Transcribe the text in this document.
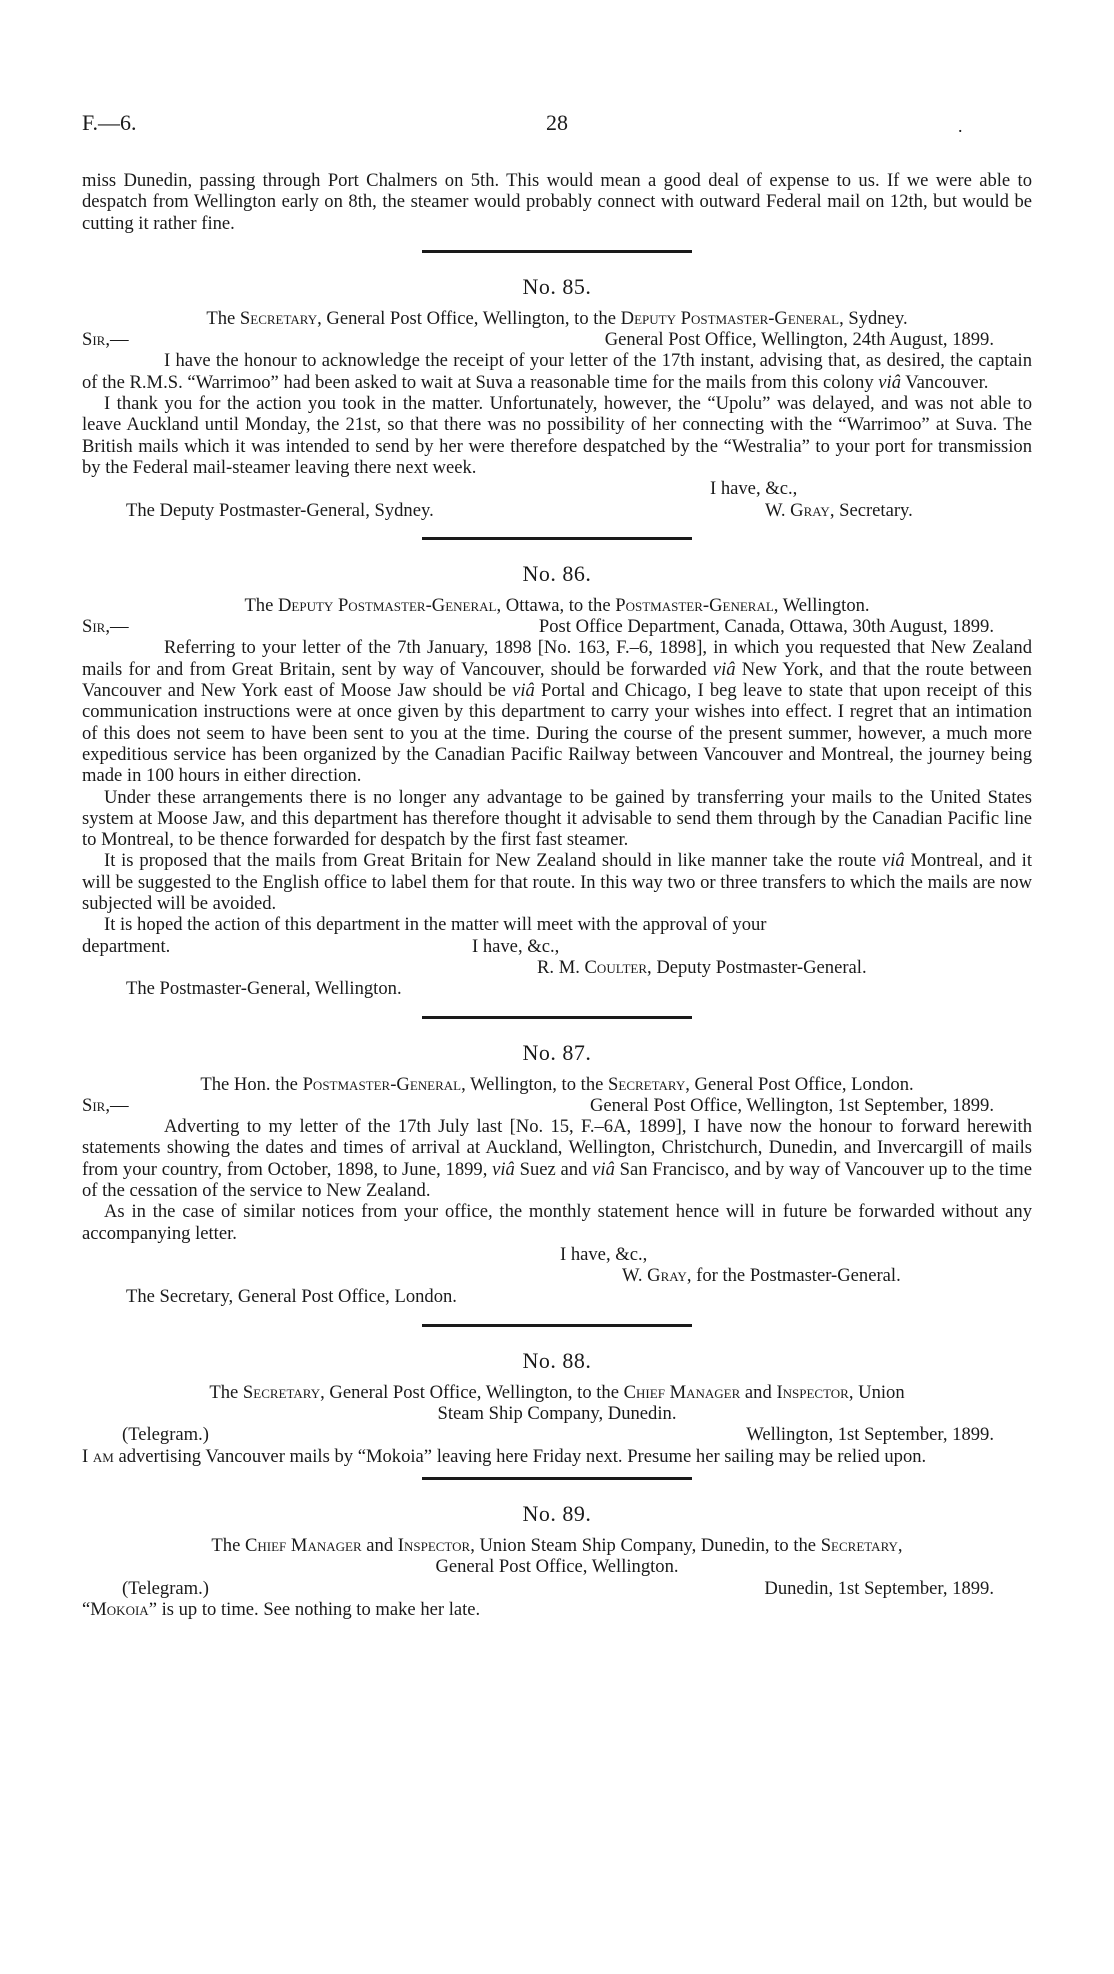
F.—6.	28	.

miss Dunedin, passing through Port Chalmers on 5th. This would mean a good deal of expense to us. If we were able to despatch from Wellington early on 8th, the steamer would probably connect with outward Federal mail on 12th, but would be cutting it rather fine.

No. 85.
The Secretary, General Post Office, Wellington, to the Deputy Postmaster-General, Sydney.
Sir,—	General Post Office, Wellington, 24th August, 1899.

I have the honour to acknowledge the receipt of your letter of the 17th instant, advising that, as desired, the captain of the R.M.S. “Warrimoo” had been asked to wait at Suva a reasonable time for the mails from this colony viâ Vancouver.

I thank you for the action you took in the matter. Unfortunately, however, the “Upolu” was delayed, and was not able to leave Auckland until Monday, the 21st, so that there was no possibility of her connecting with the “Warrimoo” at Suva. The British mails which it was intended to send by her were therefore despatched by the “Westralia” to your port for transmission by the Federal mail-steamer leaving there next week.

I have, &c.,
The Deputy Postmaster-General, Sydney.	W. Gray, Secretary.
No. 86.
The Deputy Postmaster-General, Ottawa, to the Postmaster-General, Wellington.
Sir,—	Post Office Department, Canada, Ottawa, 30th August, 1899.

Referring to your letter of the 7th January, 1898 [No. 163, F.–6, 1898], in which you requested that New Zealand mails for and from Great Britain, sent by way of Vancouver, should be forwarded viâ New York, and that the route between Vancouver and New York east of Moose Jaw should be viâ Portal and Chicago, I beg leave to state that upon receipt of this communication instructions were at once given by this department to carry your wishes into effect. I regret that an intimation of this does not seem to have been sent to you at the time. During the course of the present summer, however, a much more expeditious service has been organized by the Canadian Pacific Railway between Vancouver and Montreal, the journey being made in 100 hours in either direction.

Under these arrangements there is no longer any advantage to be gained by transferring your mails to the United States system at Moose Jaw, and this department has therefore thought it advisable to send them through by the Canadian Pacific line to Montreal, to be thence forwarded for despatch by the first fast steamer.

It is proposed that the mails from Great Britain for New Zealand should in like manner take the route viâ Montreal, and it will be suggested to the English office to label them for that route. In this way two or three transfers to which the mails are now subjected will be avoided.

It is hoped the action of this department in the matter will meet with the approval of your

department.	I have, &c.,
R. M. Coulter, Deputy Postmaster-General.
The Postmaster-General, Wellington.
No. 87.
The Hon. the Postmaster-General, Wellington, to the Secretary, General Post Office, London.
Sir,—	General Post Office, Wellington, 1st September, 1899.

Adverting to my letter of the 17th July last [No. 15, F.–6A, 1899], I have now the honour to forward herewith statements showing the dates and times of arrival at Auckland, Wellington, Christchurch, Dunedin, and Invercargill of mails from your country, from October, 1898, to June, 1899, viâ Suez and viâ San Francisco, and by way of Vancouver up to the time of the cessation of the service to New Zealand.

As in the case of similar notices from your office, the monthly statement hence will in future be forwarded without any accompanying letter.

I have, &c.,
W. Gray, for the Postmaster-General.
The Secretary, General Post Office, London.
No. 88.
The Secretary, General Post Office, Wellington, to the Chief Manager and Inspector, Union
Steam Ship Company, Dunedin.
(Telegram.)	Wellington, 1st September, 1899.

I am advertising Vancouver mails by “Mokoia” leaving here Friday next. Presume her sailing may be relied upon.

No. 89.
The Chief Manager and Inspector, Union Steam Ship Company, Dunedin, to the Secretary,
General Post Office, Wellington.
(Telegram.)	Dunedin, 1st September, 1899.

“Mokoia” is up to time. See nothing to make her late.
